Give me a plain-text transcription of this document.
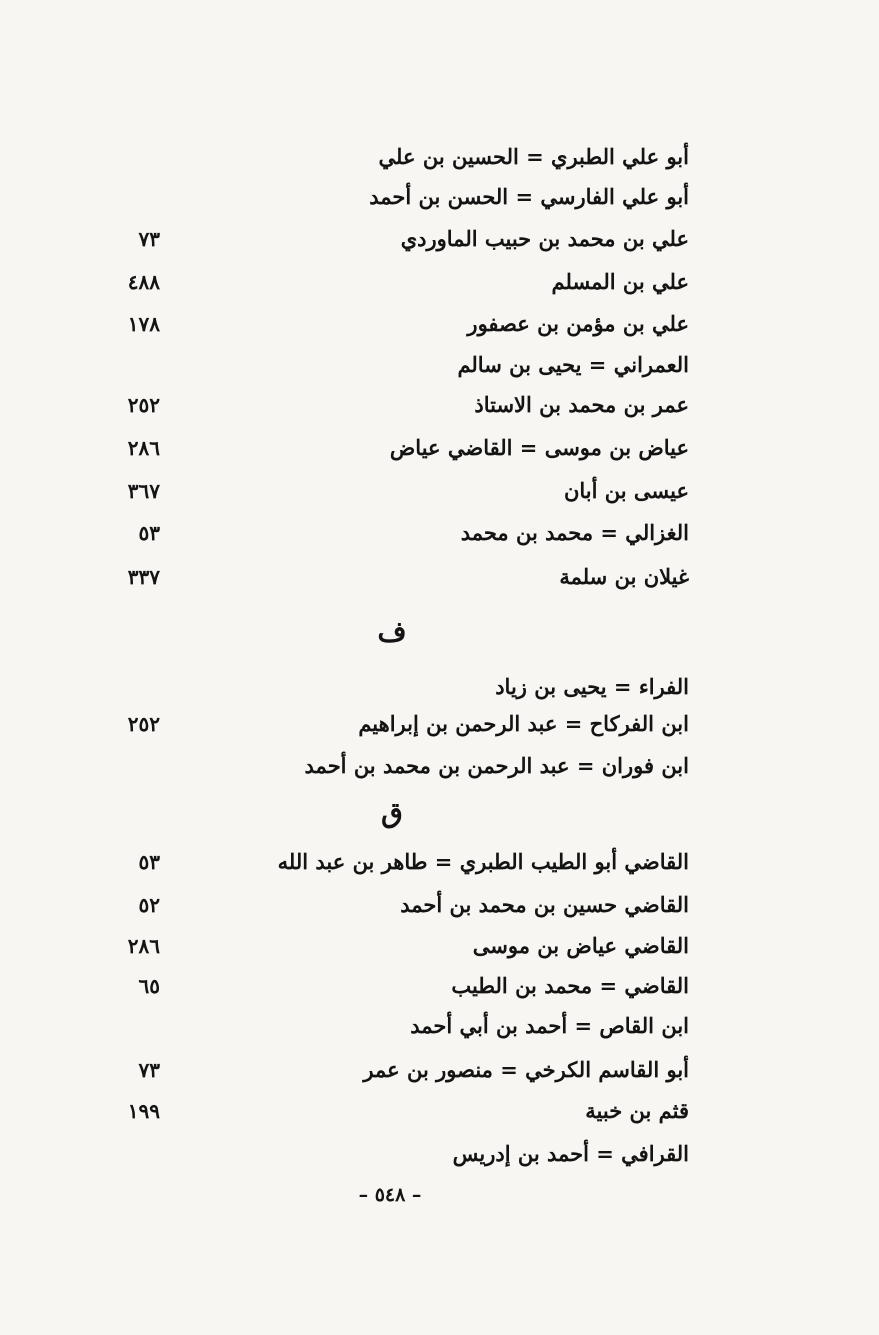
أبو علي الطبري = الحسين بن علي
أبو علي الفارسي = الحسن بن أحمد
علي بن محمد بن حبيب الماوردي
٧٣
علي بن المسلم
٤٨٨
علي بن مؤمن بن عصفور
١٧٨
العمراني = يحيى بن سالم
عمر بن محمد بن الاستاذ
٢٥٢
عياض بن موسى = القاضي عياض
٢٨٦
عيسى بن أبان
٣٦٧
الغزالي = محمد بن محمد
٥٣
غيلان بن سلمة
٣٣٧
ف
الفراء = يحيى بن زياد
ابن الفركاح = عبد الرحمن بن إبراهيم
٢٥٢
ابن فوران = عبد الرحمن بن محمد بن أحمد
ق
القاضي أبو الطيب الطبري = طاهر بن عبد الله
٥٣
القاضي حسين بن محمد بن أحمد
٥٢
القاضي عياض بن موسى
٢٨٦
القاضي = محمد بن الطيب
٦٥
ابن القاص = أحمد بن أبي أحمد
أبو القاسم الكرخي = منصور بن عمر
٧٣
قثم بن خبية
١٩٩
القرافي = أحمد بن إدريس
– ٥٤٨ –
